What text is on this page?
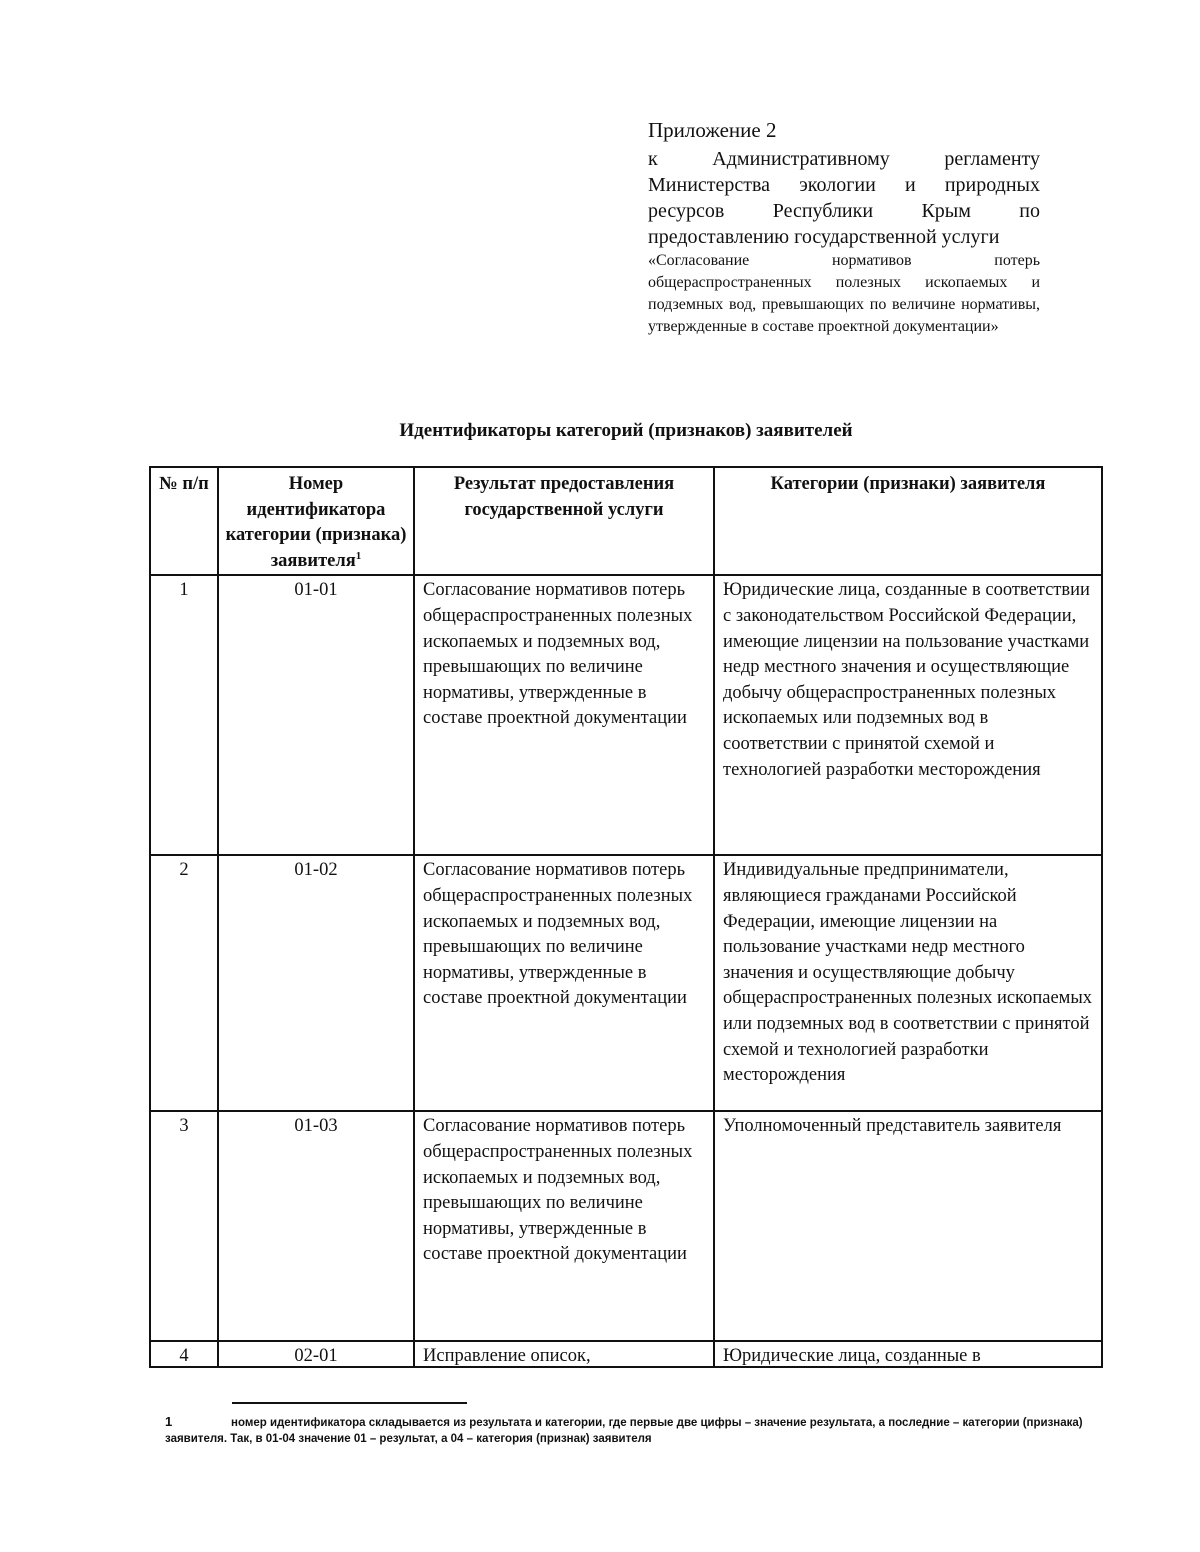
Приложение 2
к Административному регламенту Министерства экологии и природных ресурсов Республики Крым по предоставлению государственной услуги
«Согласование нормативов потерь общераспространенных полезных ископаемых и подземных вод, превышающих по величине нормативы, утвержденные в составе проектной документации»
Идентификаторы категорий (признаков) заявителей
№ п/п	Номер идентификатора категории (признака) заявителя$^1$	Результат предоставления государственной услуги	Категории (признаки) заявителя
1	01-01	Согласование нормативов потерь общераспространенных полезных ископаемых и подземных вод, превышающих по величине нормативы, утвержденные в составе проектной документации	Юридические лица, созданные в соответствии с законодательством Российской Федерации, имеющие лицензии на пользование участками недр местного значения и осуществляющие добычу общераспространенных полезных ископаемых или подземных вод в соответствии с принятой схемой и технологией разработки месторождения
2	01-02	Согласование нормативов потерь общераспространенных полезных ископаемых и подземных вод, превышающих по величине нормативы, утвержденные в составе проектной документации	Индивидуальные предприниматели, являющиеся гражданами Российской Федерации, имеющие лицензии на пользование участками недр местного значения и осуществляющие добычу общераспространенных полезных ископаемых или подземных вод в соответствии с принятой схемой и технологией разработки месторождения
3	01-03	Согласование нормативов потерь общераспространенных полезных ископаемых и подземных вод, превышающих по величине нормативы, утвержденные в составе проектной документации	Уполномоченный представитель заявителя

4	02-01	Исправление описок,	Юридические лица, созданные в
1	номер идентификатора складывается из результата и категории, где первые две цифры – значение результата, а последние – категории (признака) заявителя. Так, в 01-04 значение 01 – результат, а 04 – категория (признак) заявителя
